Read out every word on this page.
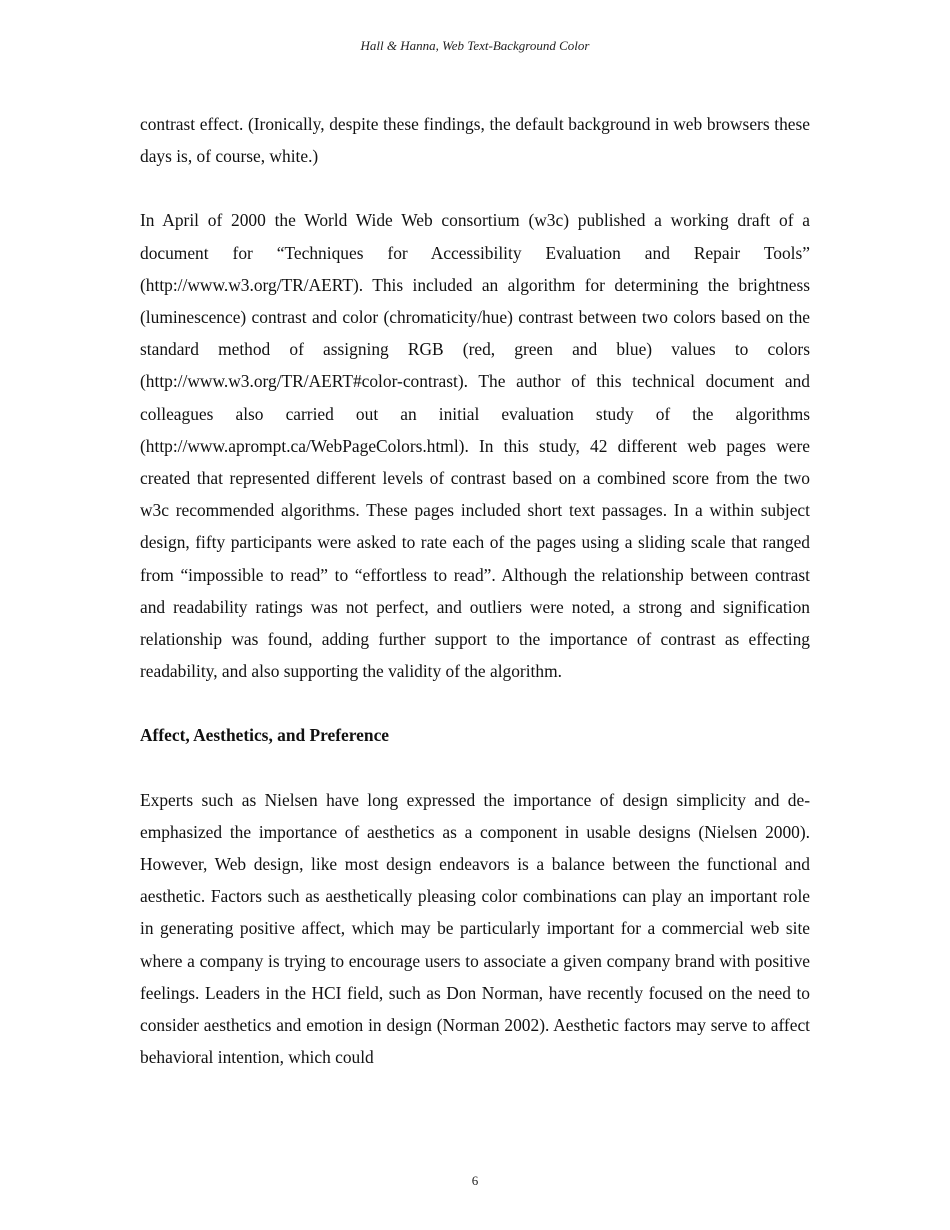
Hall & Hanna, Web Text-Background Color

contrast effect. (Ironically, despite these findings, the default background in web browsers these days is, of course, white.)

In April of 2000 the World Wide Web consortium (w3c) published a working draft of a document for “Techniques for Accessibility Evaluation and Repair Tools” (http://www.w3.org/TR/AERT). This included an algorithm for determining the brightness (luminescence) contrast and color (chromaticity/hue) contrast between two colors based on the standard method of assigning RGB (red, green and blue) values to colors (http://www.w3.org/TR/AERT#color-contrast). The author of this technical document and colleagues also carried out an initial evaluation study of the algorithms (http://www.aprompt.ca/WebPageColors.html). In this study, 42 different web pages were created that represented different levels of contrast based on a combined score from the two w3c recommended algorithms. These pages included short text passages. In a within subject design, fifty participants were asked to rate each of the pages using a sliding scale that ranged from “impossible to read” to “effortless to read”. Although the relationship between contrast and readability ratings was not perfect, and outliers were noted, a strong and signification relationship was found, adding further support to the importance of contrast as effecting readability, and also supporting the validity of the algorithm.

Affect, Aesthetics, and Preference

Experts such as Nielsen have long expressed the importance of design simplicity and de-emphasized the importance of aesthetics as a component in usable designs (Nielsen 2000). However, Web design, like most design endeavors is a balance between the functional and aesthetic. Factors such as aesthetically pleasing color combinations can play an important role in generating positive affect, which may be particularly important for a commercial web site where a company is trying to encourage users to associate a given company brand with positive feelings. Leaders in the HCI field, such as Don Norman, have recently focused on the need to consider aesthetics and emotion in design (Norman 2002). Aesthetic factors may serve to affect behavioral intention, which could

6
